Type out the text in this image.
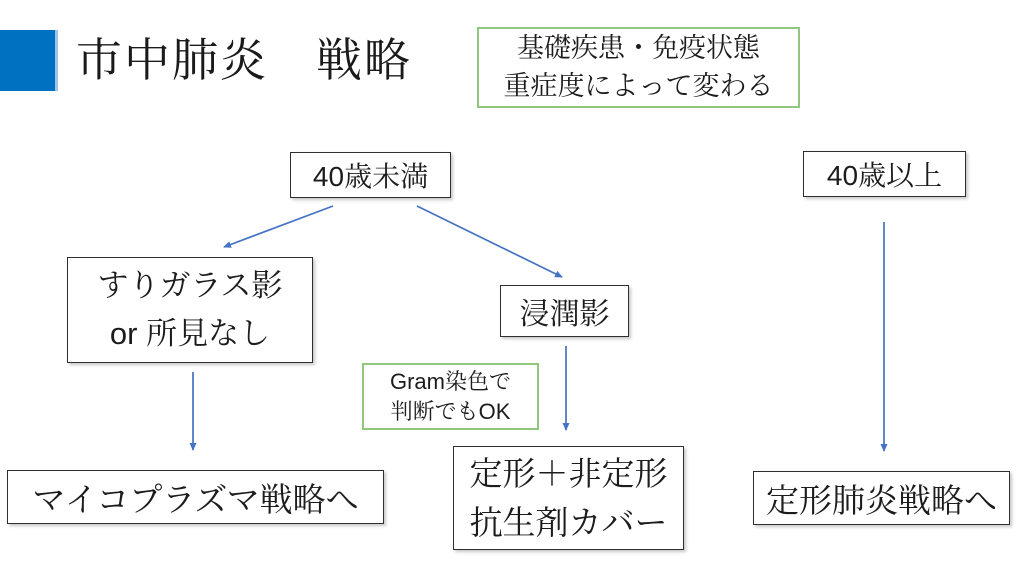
市中肺炎　戦略	基礎疾患・免疫状態
重症度によって変わる
40歳未満	40歳以上
すりガラス影
or 所見なし
浸潤影
Gram染色で
判断でもOK
マイコプラズマ戦略へ
定形＋非定形
抗生剤カバー
定形肺炎戦略へ
